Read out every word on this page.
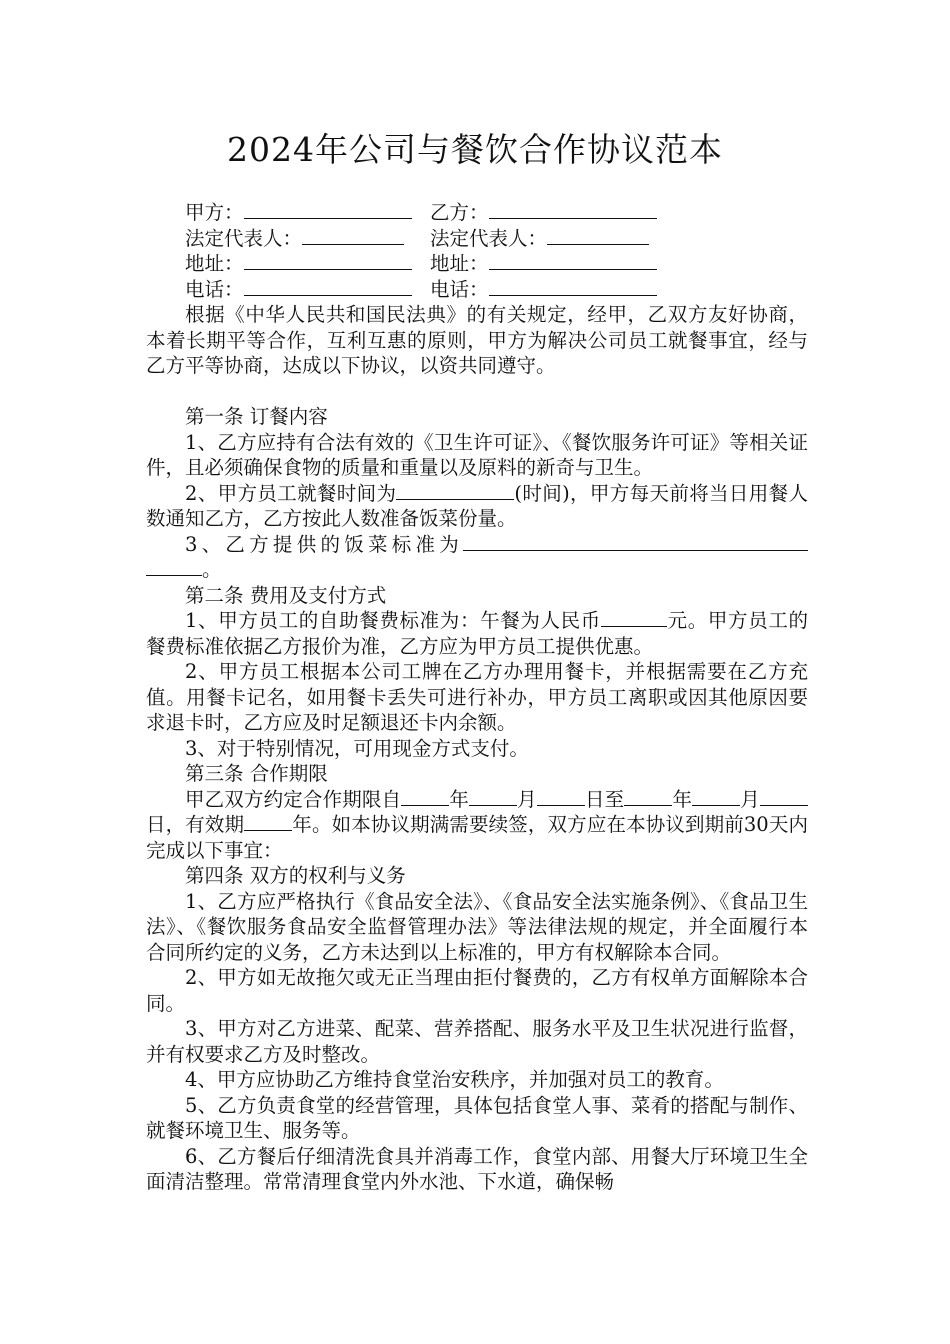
2024年公司与餐饮合作协议范本
甲方：	乙方：
法定代表人：	法定代表人：
地址：	地址：
电话：	电话：

根据《中华人民共和国民法典》的有关规定，经甲，乙双方友好协商，本着长期平等合作，互利互惠的原则，甲方为解决公司员工就餐事宜，经与乙方平等协商，达成以下协议，以资共同遵守。

第一条 订餐内容

1、乙方应持有合法有效的《卫生许可证》、《餐饮服务许可证》等相关证件，且必须确保食物的质量和重量以及原料的新奇与卫生。

2、甲方员工就餐时间为	(时间)，甲方每天前将当日用餐人数通知乙方，乙方按此人数准备饭菜份量。

3、乙方提供的饭菜标准为。

第二条 费用及支付方式

1、甲方员工的自助餐费标准为：午餐为人民币	元。甲方员工的餐费标准依据乙方报价为准，乙方应为甲方员工提供优惠。

2、甲方员工根据本公司工牌在乙方办理用餐卡，并根据需要在乙方充值。用餐卡记名，如用餐卡丢失可进行补办，甲方员工离职或因其他原因要求退卡时，乙方应及时足额退还卡内余额。

3、对于特别情况，可用现金方式支付。

第三条 合作期限

甲乙双方约定合作期限自 年 月 日至 年 月日，有效期 年。如本协议期满需要续签，双方应在本协议到期前30天内完成以下事宜：

第四条 双方的权利与义务

1、乙方应严格执行《食品安全法》、《食品安全法实施条例》、《食品卫生法》、《餐饮服务食品安全监督管理办法》等法律法规的规定，并全面履行本合同所约定的义务，乙方未达到以上标准的，甲方有权解除本合同。

2、甲方如无故拖欠或无正当理由拒付餐费的，乙方有权单方面解除本合同。

3、甲方对乙方进菜、配菜、营养搭配、服务水平及卫生状况进行监督，并有权要求乙方及时整改。

4、甲方应协助乙方维持食堂治安秩序，并加强对员工的教育。

5、乙方负责食堂的经营管理，具体包括食堂人事、菜肴的搭配与制作、就餐环境卫生、服务等。

6、乙方餐后仔细清洗食具并消毒工作，食堂内部、用餐大厅环境卫生全面清洁整理。常常清理食堂内外水池、下水道，确保畅
